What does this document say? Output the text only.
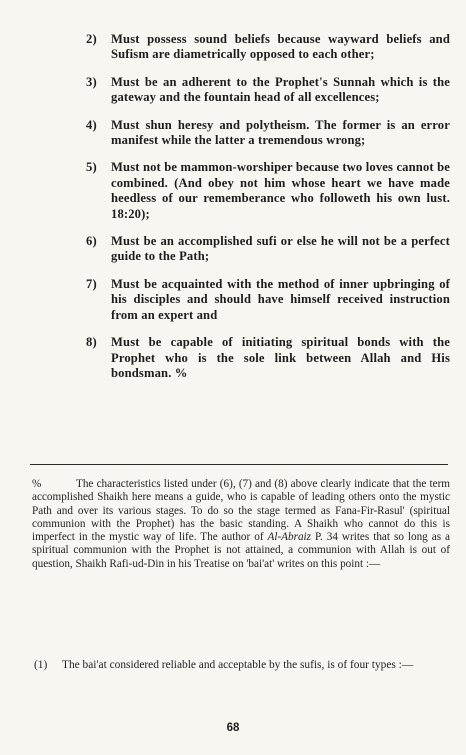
2)	Must possess sound beliefs because wayward beliefs and Sufism are diametrically opposed to each other;
3)	Must be an adherent to the Prophet's Sunnah which is the gateway and the fountain head of all excellences;
4)	Must shun heresy and polytheism. The former is an error manifest while the latter a tremendous wrong;
5)	Must not be mammon-worshiper because two loves cannot be combined. (And obey not him whose heart we have made heedless of our rememberance who followeth his own lust. 18:20);
6)	Must be an accomplished sufi or else he will not be a perfect guide to the Path;
7)	Must be acquainted with the method of inner upbringing of his disciples and should have himself received instruction from an expert and
8)	Must be capable of initiating spiritual bonds with the Prophet who is the sole link between Allah and His bondsman. %
%	The characteristics listed under (6), (7) and (8) above clearly indicate that the term accomplished Shaikh here means a guide, who is capable of leading others onto the mystic Path and over its various stages. To do so the stage termed as Fana-Fir-Rasul' (spiritual communion with the Prophet) has the basic standing. A Shaikh who cannot do this is imperfect in the mystic way of life. The author of Al-Abraiz P. 34 writes that so long as a spiritual communion with the Prophet is not attained, a communion with Allah is out of question, Shaikh Rafi-ud-Din in his Treatise on 'bai'at' writes on this point :—
(1)	The bai'at considered reliable and acceptable by the sufis, is of four types :—
68
